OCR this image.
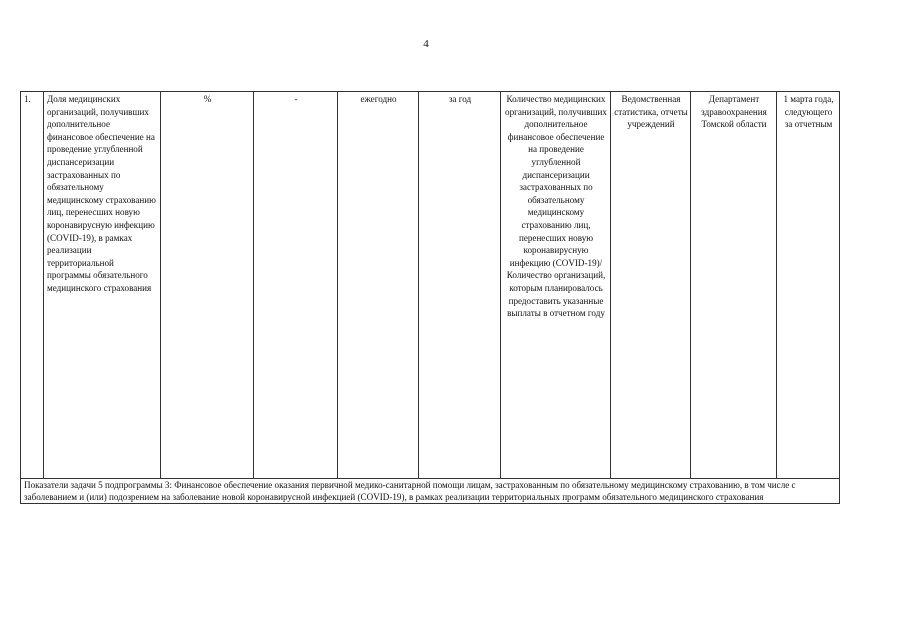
4
1.	Доля медицинских организаций, получивших дополнительное финансовое обеспечение на проведение углубленной диспансеризации застрахованных по обязательному медицинскому страхованию лиц, перенесших новую коронавирусную инфекцию (COVID-19), в рамках реализации территориальной программы обязательного медицинского страхования	%	-	ежегодно	за год	Количество медицинских организаций, получивших дополнительное финансовое обеспечение на проведение углубленной диспансеризации застрахованных по обязательному медицинскому страхованию лиц, перенесших новую коронавирусную инфекцию (COVID-19)/ Количество организаций, которым планировалось предоставить указанные выплаты в отчетном году	Ведомственная статистика, отчеты учреждений	Департамент здравоохранения Томской области	1 марта года, следующего за отчетным
Показатели задачи 5 подпрограммы 3: Финансовое обеспечение оказания первичной медико-санитарной помощи лицам, застрахованным по обязательному медицинскому страхованию, в том числе с заболеванием и (или) подозрением на заболевание новой коронавирусной инфекцией (COVID-19), в рамках реализации территориальных программ обязательного медицинского страхования
